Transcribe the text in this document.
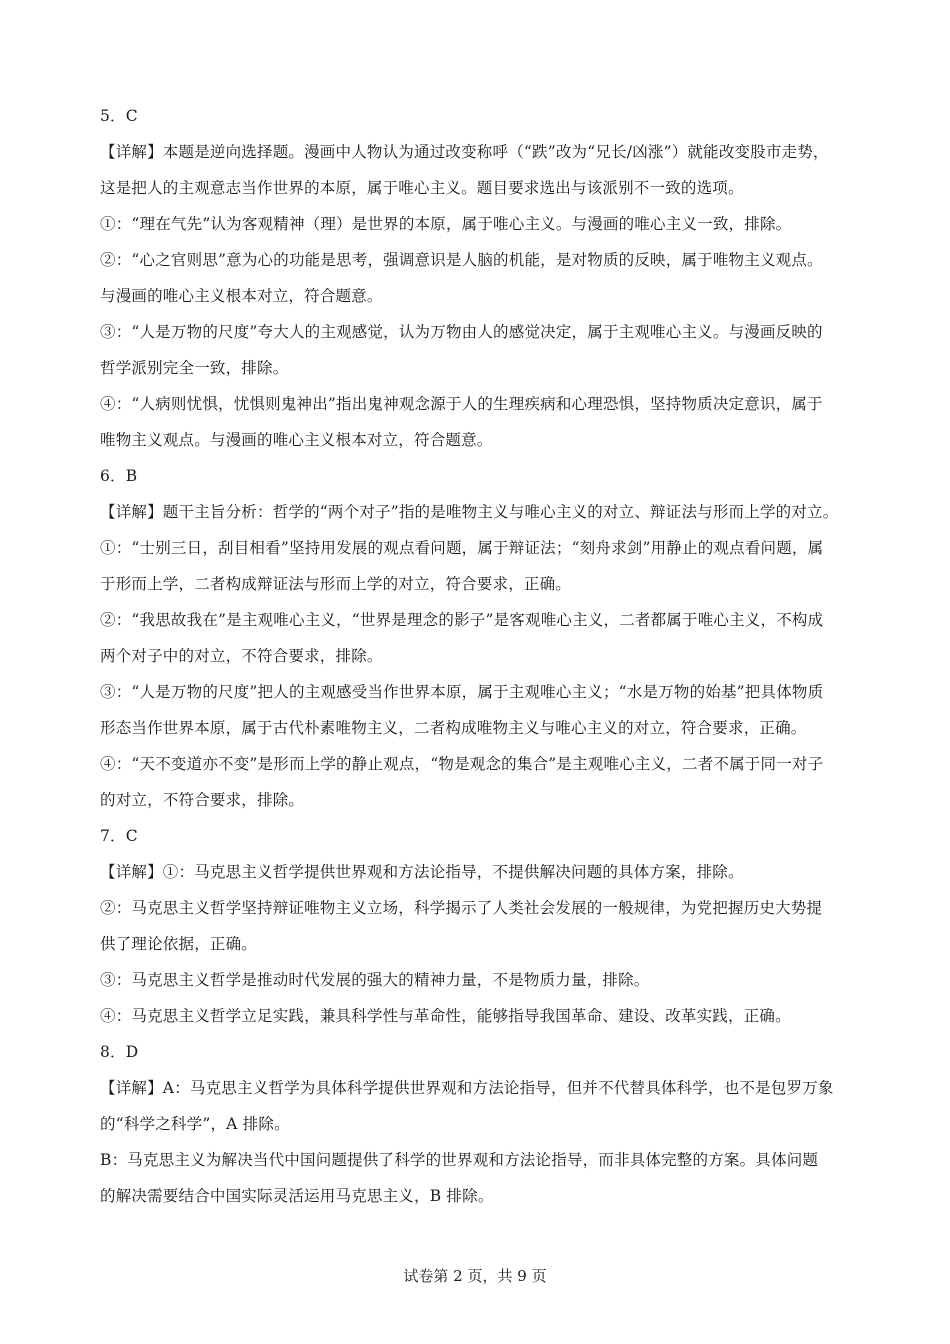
5．C
【详解】本题是逆向选择题。漫画中人物认为通过改变称呼（“跌”改为“兄长/凶涨”）就能改变股市走势，
这是把人的主观意志当作世界的本原，属于唯心主义。题目要求选出与该派别不一致的选项。
①：“理在气先”认为客观精神（理）是世界的本原，属于唯心主义。与漫画的唯心主义一致，排除。
②：“心之官则思”意为心的功能是思考，强调意识是人脑的机能，是对物质的反映，属于唯物主义观点。
与漫画的唯心主义根本对立，符合题意。
③：“人是万物的尺度”夸大人的主观感觉，认为万物由人的感觉决定，属于主观唯心主义。与漫画反映的
哲学派别完全一致，排除。
④：“人病则忧惧，忧惧则鬼神出”指出鬼神观念源于人的生理疾病和心理恐惧，坚持物质决定意识，属于
唯物主义观点。与漫画的唯心主义根本对立，符合题意。
6．B
【详解】题干主旨分析：哲学的“两个对子”指的是唯物主义与唯心主义的对立、辩证法与形而上学的对立。
①：“士别三日，刮目相看”坚持用发展的观点看问题，属于辩证法；“刻舟求剑”用静止的观点看问题，属
于形而上学，二者构成辩证法与形而上学的对立，符合要求，正确。
②：“我思故我在”是主观唯心主义，“世界是理念的影子”是客观唯心主义，二者都属于唯心主义，不构成
两个对子中的对立，不符合要求，排除。
③：“人是万物的尺度”把人的主观感受当作世界本原，属于主观唯心主义；“水是万物的始基”把具体物质
形态当作世界本原，属于古代朴素唯物主义，二者构成唯物主义与唯心主义的对立，符合要求，正确。
④：“天不变道亦不变”是形而上学的静止观点，“物是观念的集合”是主观唯心主义，二者不属于同一对子
的对立，不符合要求，排除。
7．C
【详解】①：马克思主义哲学提供世界观和方法论指导，不提供解决问题的具体方案，排除。
②：马克思主义哲学坚持辩证唯物主义立场，科学揭示了人类社会发展的一般规律，为党把握历史大势提
供了理论依据，正确。
③：马克思主义哲学是推动时代发展的强大的精神力量，不是物质力量，排除。
④：马克思主义哲学立足实践，兼具科学性与革命性，能够指导我国革命、建设、改革实践，正确。
8．D
【详解】A：马克思主义哲学为具体科学提供世界观和方法论指导，但并不代替具体科学，也不是包罗万象
的“科学之科学”，A 排除。
B：马克思主义为解决当代中国问题提供了科学的世界观和方法论指导，而非具体完整的方案。具体问题
的解决需要结合中国实际灵活运用马克思主义，B 排除。
试卷第 2 页，共 9 页
